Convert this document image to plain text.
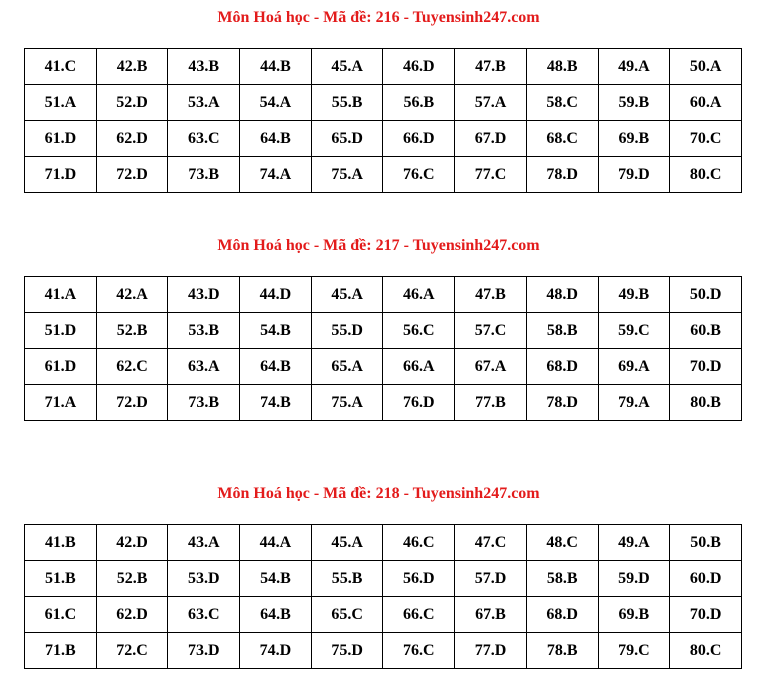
Môn Hoá học - Mã đề: 216 - Tuyensinh247.com
41.C	42.B	43.B	44.B	45.A	46.D	47.B	48.B	49.A	50.A
51.A	52.D	53.A	54.A	55.B	56.B	57.A	58.C	59.B	60.A
61.D	62.D	63.C	64.B	65.D	66.D	67.D	68.C	69.B	70.C
71.D	72.D	73.B	74.A	75.A	76.C	77.C	78.D	79.D	80.C
Môn Hoá học - Mã đề: 217 - Tuyensinh247.com
41.A	42.A	43.D	44.D	45.A	46.A	47.B	48.D	49.B	50.D
51.D	52.B	53.B	54.B	55.D	56.C	57.C	58.B	59.C	60.B
61.D	62.C	63.A	64.B	65.A	66.A	67.A	68.D	69.A	70.D
71.A	72.D	73.B	74.B	75.A	76.D	77.B	78.D	79.A	80.B
Môn Hoá học - Mã đề: 218 - Tuyensinh247.com
41.B	42.D	43.A	44.A	45.A	46.C	47.C	48.C	49.A	50.B
51.B	52.B	53.D	54.B	55.B	56.D	57.D	58.B	59.D	60.D
61.C	62.D	63.C	64.B	65.C	66.C	67.B	68.D	69.B	70.D
71.B	72.C	73.D	74.D	75.D	76.C	77.D	78.B	79.C	80.C
